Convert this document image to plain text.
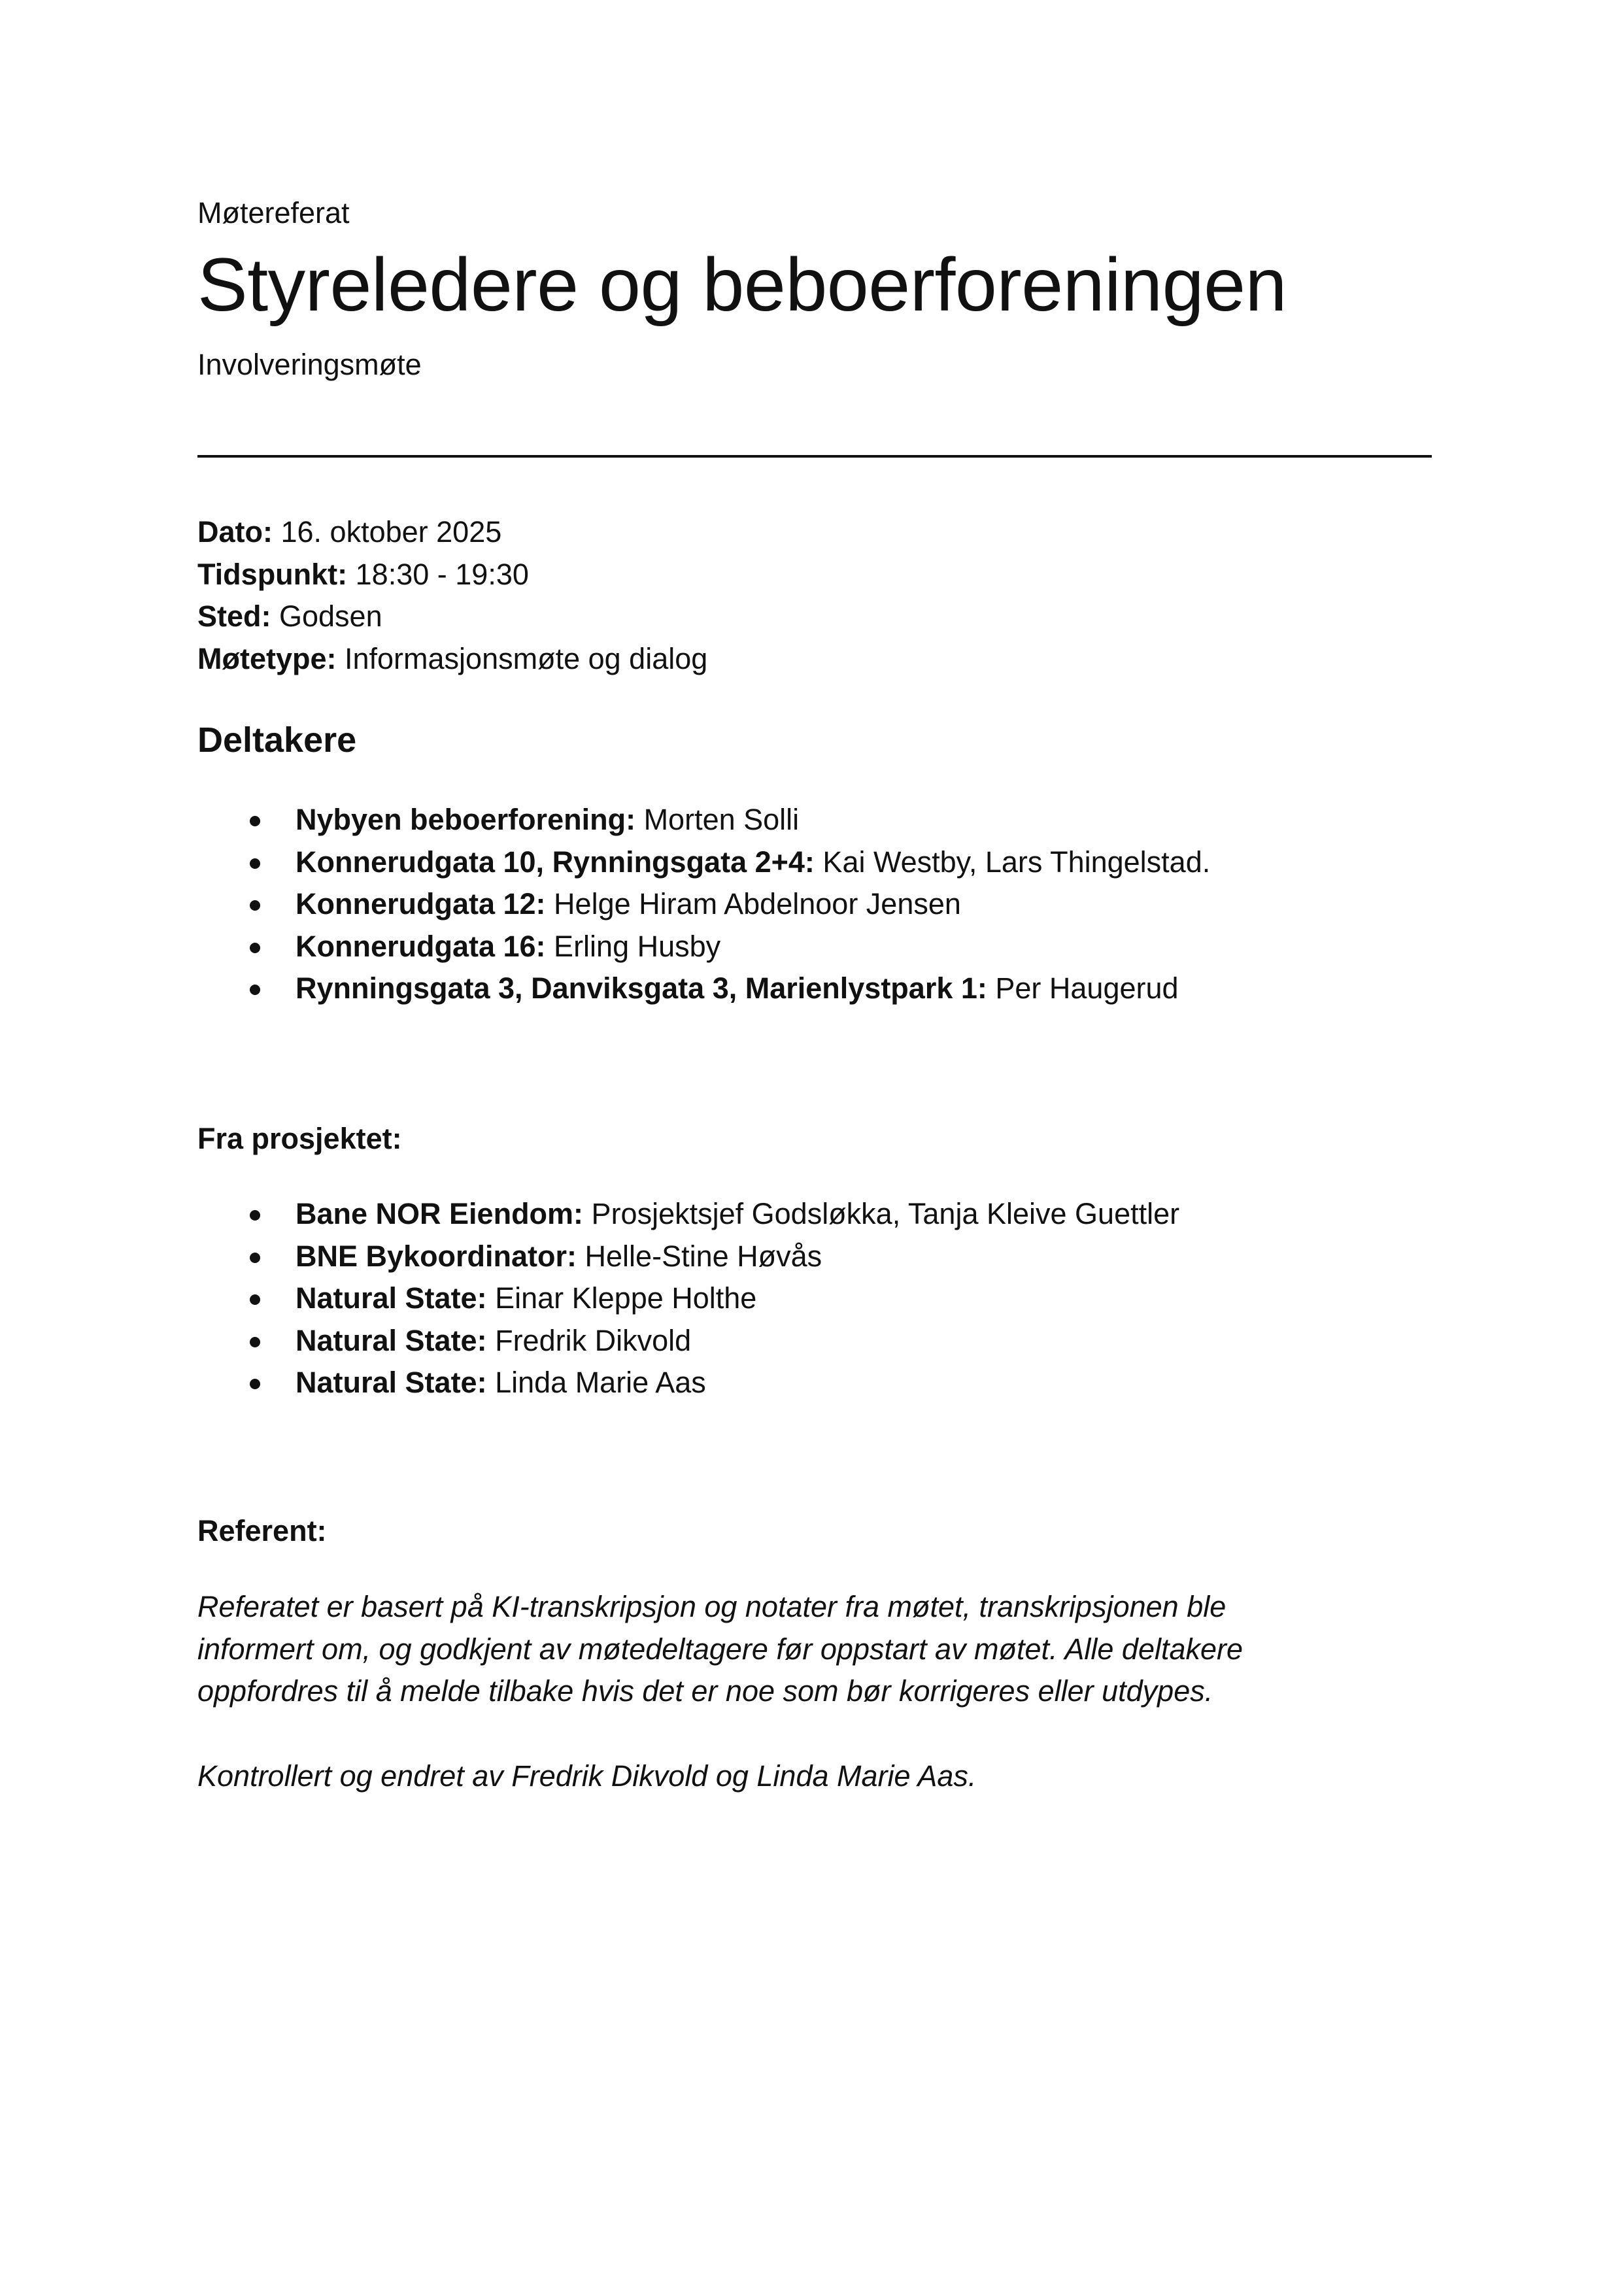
Møtereferat
Styreledere og beboerforeningen
Involveringsmøte
Dato: 16. oktober 2025
Tidspunkt: 18:30 - 19:30
Sted: Godsen
Møtetype: Informasjonsmøte og dialog
Deltakere
Nybyen beboerforening: Morten Solli
Konnerudgata 10, Rynningsgata 2+4: Kai Westby, Lars Thingelstad.
Konnerudgata 12: Helge Hiram Abdelnoor Jensen
Konnerudgata 16: Erling Husby
Rynningsgata 3, Danviksgata 3, Marienlystpark 1: Per Haugerud
Fra prosjektet:
Bane NOR Eiendom: Prosjektsjef Godsløkka, Tanja Kleive Guettler
BNE Bykoordinator: Helle-Stine Høvås
Natural State: Einar Kleppe Holthe
Natural State: Fredrik Dikvold
Natural State: Linda Marie Aas
Referent:
Referatet er basert på KI-transkripsjon og notater fra møtet, transkripsjonen ble
informert om, og godkjent av møtedeltagere før oppstart av møtet. Alle deltakere
oppfordres til å melde tilbake hvis det er noe som bør korrigeres eller utdypes.
Kontrollert og endret av Fredrik Dikvold og Linda Marie Aas.
